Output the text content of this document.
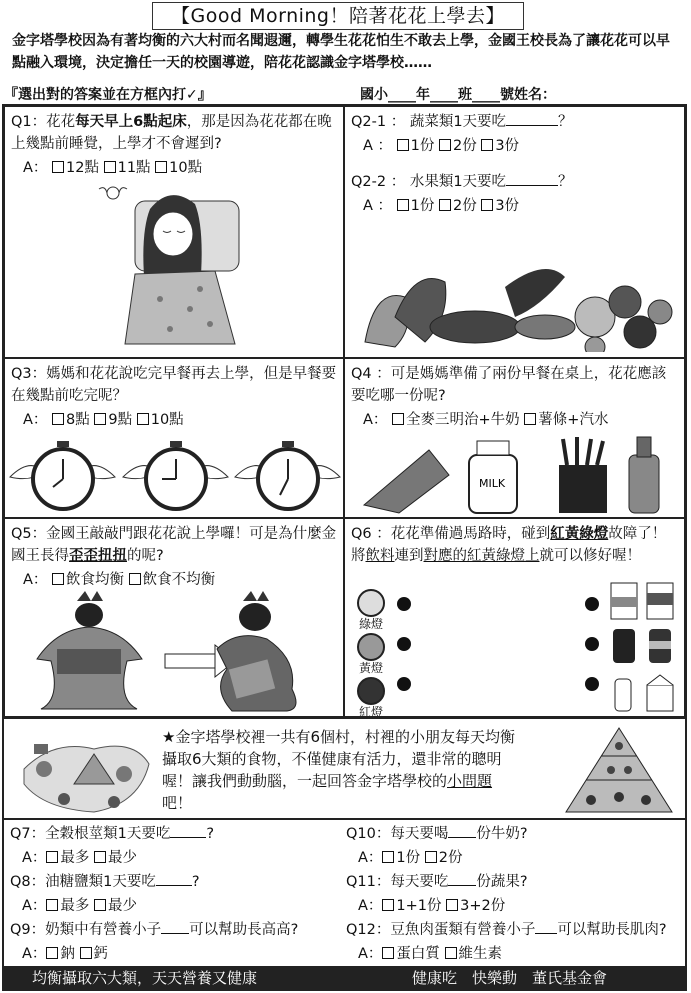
【Good Morning！陪著花花上學去】
金字塔學校因為有著均衡的六大村而名聞遐邇，轉學生花花怕生不敢去上學，金國王校長為了讓花花可以早點融入環境，決定擔任一天的校園導遊，陪花花認識金字塔學校……
『選出對的答案並在方框內打✓』	國小____年____班____號姓名：
Q1：花花每天早上6點起床，那是因為花花都在晚上幾點前睡覺，上學才不會遲到?
A： 12點 11點 10點
Q2-1 ： 蔬菜類1天要吃	？
A ： 1份 2份 3份
Q2-2 ： 水果類1天要吃	？
A ： 1份 2份 3份
Q3：媽媽和花花說吃完早餐再去上學，但是早餐要在幾點前吃完呢？
A： 8點 9點 10點
Q4 ：可是媽媽準備了兩份早餐在桌上，花花應該要吃哪一份呢?
A： 全麥三明治+牛奶 薯條+汽水
MILK
Q5：金國王敲敲門跟花花說上學囉！可是為什麼金國王長得歪歪扭扭的呢?
A： 飲食均衡 飲食不均衡
Q6 ：花花準備過馬路時，碰到紅黃綠燈故障了！將飲料連到對應的紅黃綠燈上就可以修好喔！
綠燈
黃燈
紅燈
★金字塔學校裡一共有6個村，村裡的小朋友每天均衡攝取6大類的食物，不僅健康有活力，還非常的聰明喔！讓我們動動腦，一起回答金字塔學校的小問題吧！
Q7：全穀根莖類1天要吃 ?
A： 最多 最少
Q8：油糖鹽類1天要吃 ?
A： 最多 最少
Q9：奶類中有營養小子 可以幫助長高高?
A： 鈉 鈣
Q10：每天要喝 份牛奶?
A： 1份 2份
Q11：每天要吃 份蔬果?
A： 1+1份 3+2份
Q12：豆魚肉蛋類有營養小子 可以幫助長肌肉?
A： 蛋白質 維生素
均衡攝取六大類，天天營養又健康	健康吃　快樂動　董氏基金會
